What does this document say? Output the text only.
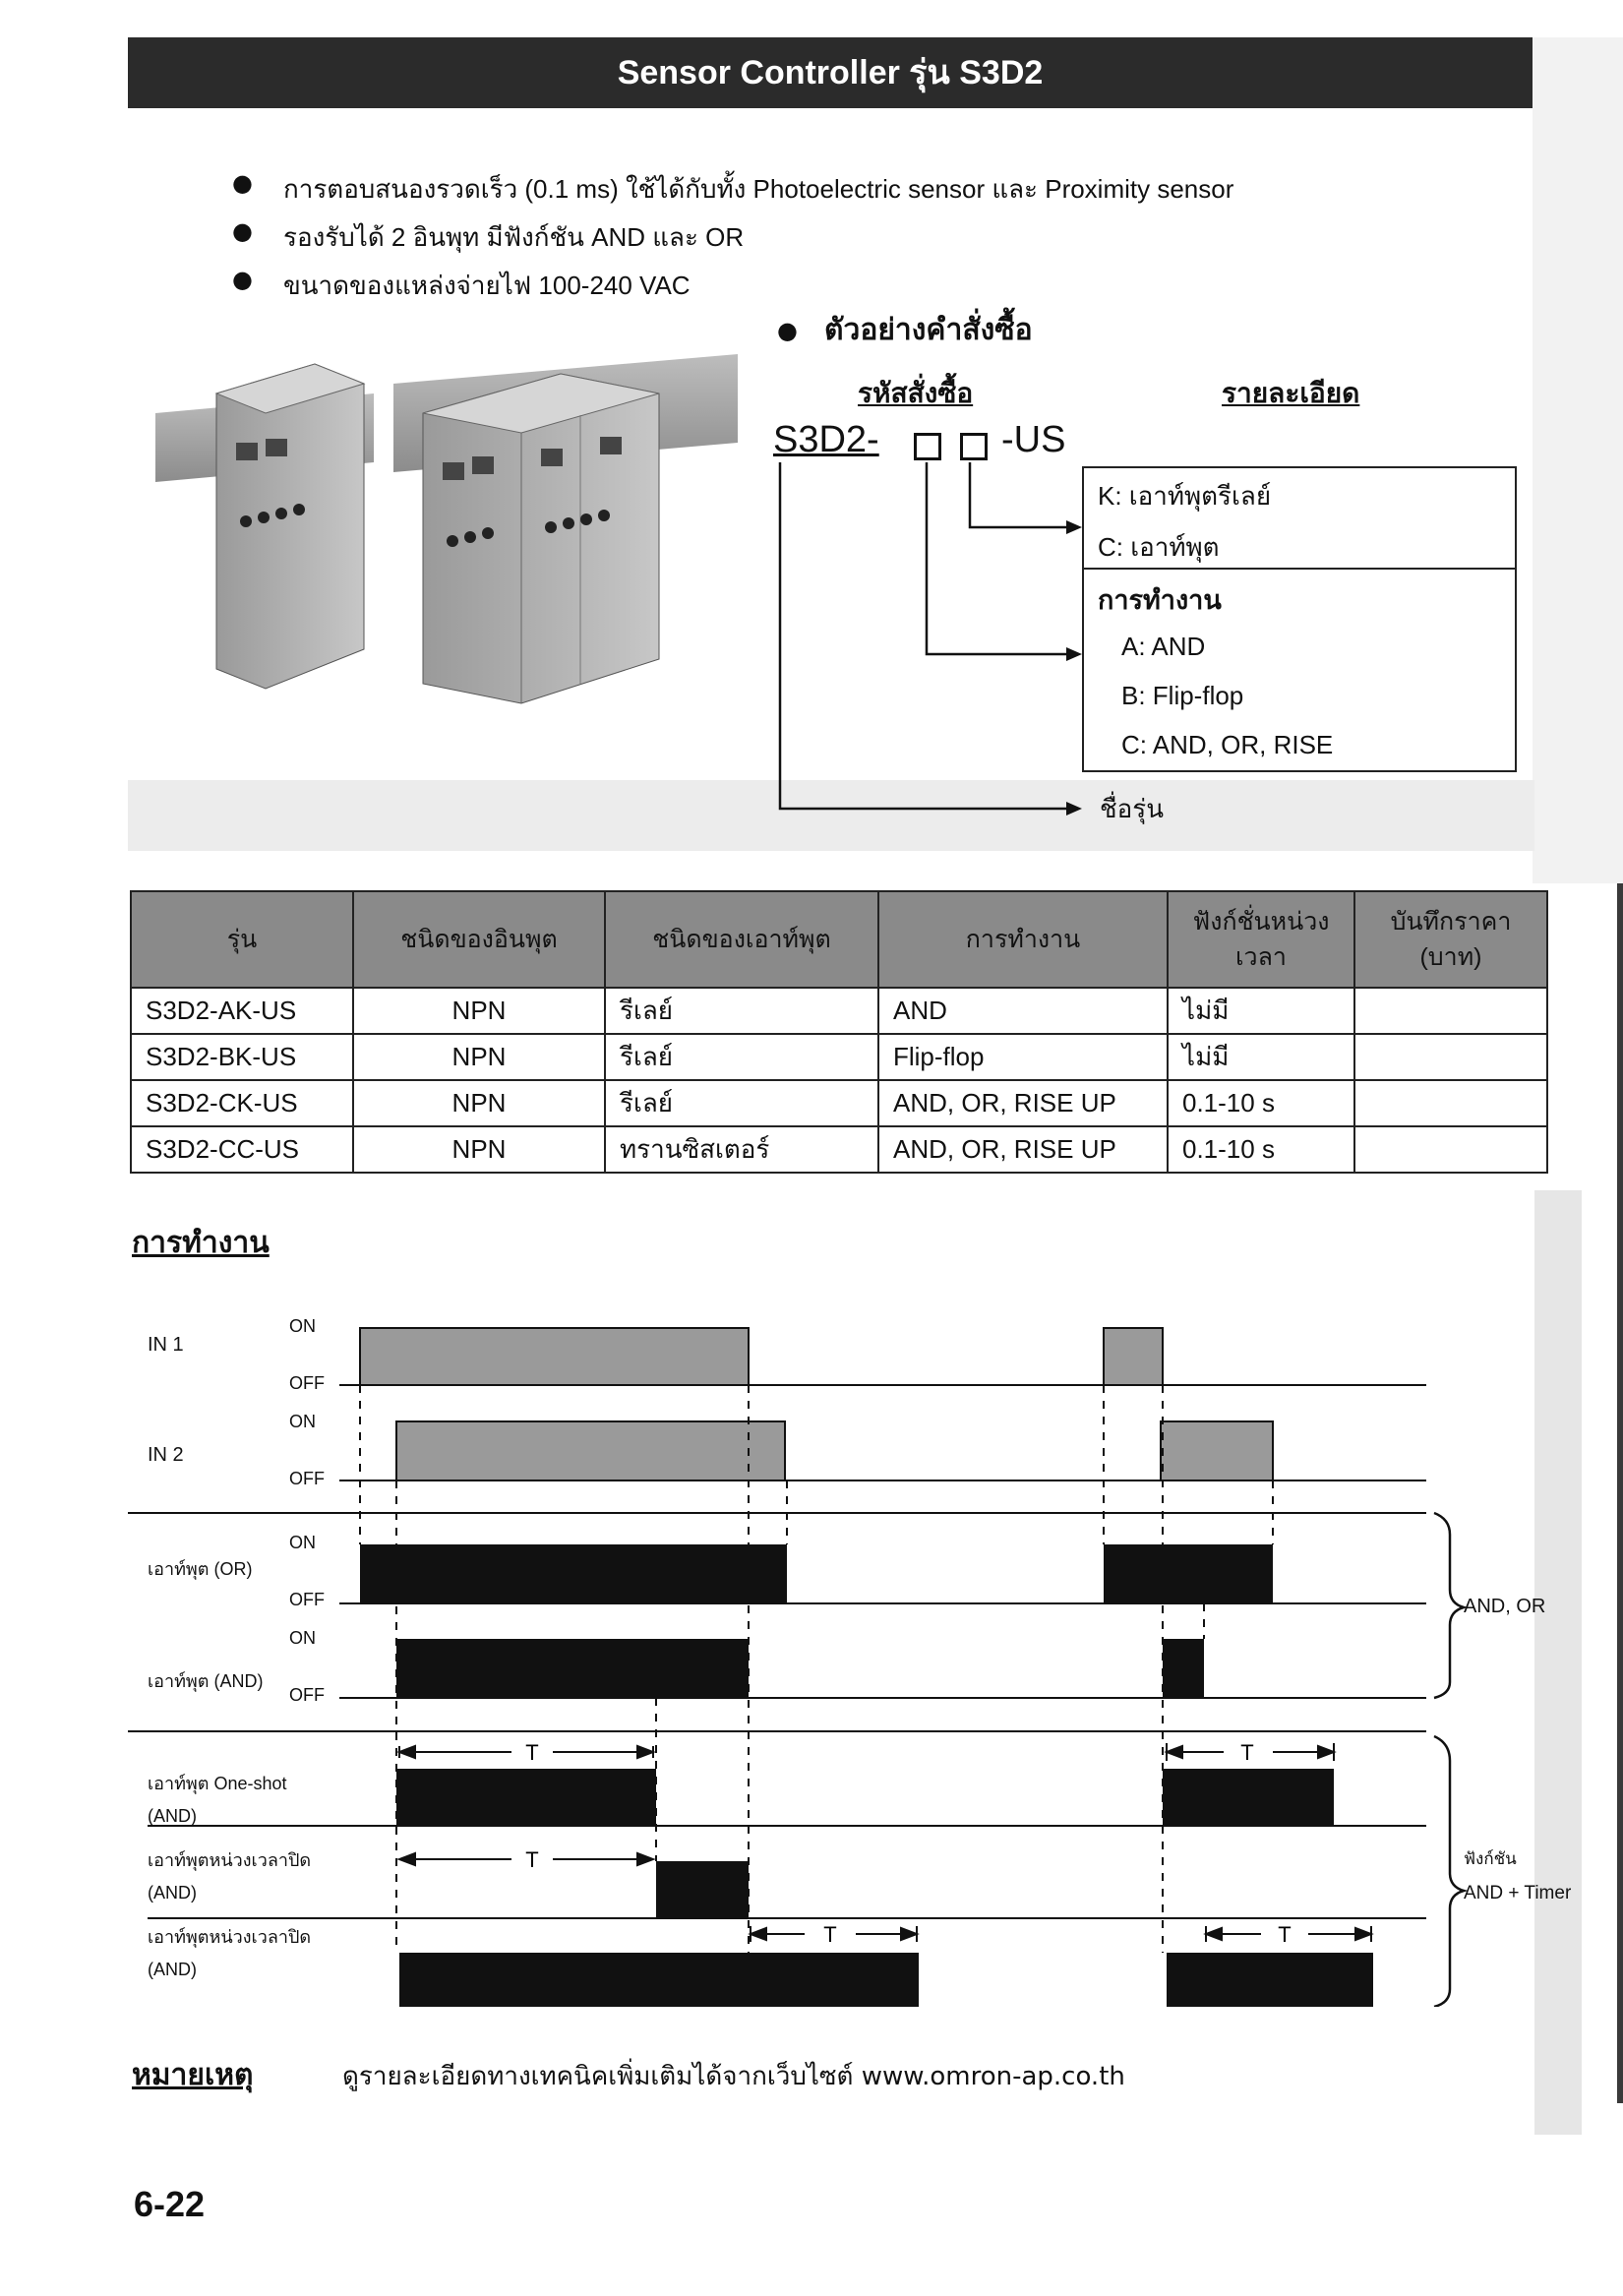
Sensor Controller รุ่น S3D2
● การตอบสนองรวดเร็ว (0.1 ms) ใช้ได้กับทั้ง Photoelectric sensor และ Proximity sensor
● รองรับได้ 2 อินพุท มีฟังก์ชัน AND และ OR
● ขนาดของแหล่งจ่ายไฟ 100-240 VAC
● ตัวอย่างคำสั่งซื้อ
รหัสสั่งซื้อ	รายละเอียด
S3D2-	-US
K: เอาท์พุตรีเลย์
C: เอาท์พุต
การทำงาน
A: AND
B: Flip-flop
C: AND, OR, RISE
ชื่อรุ่น
รุ่น	ชนิดของอินพุต	ชนิดของเอาท์พุต	การทำงาน	ฟังก์ชั่นหน่วง เวลา	บันทึกราคา (บาท)
S3D2-AK-US	NPN	รีเลย์	AND	ไม่มี	
S3D2-BK-US	NPN	รีเลย์	Flip-flop	ไม่มี	
S3D2-CK-US	NPN	รีเลย์	AND, OR, RISE UP	0.1-10 s	
S3D2-CC-US	NPN	ทรานซิสเตอร์	AND, OR, RISE UP	0.1-10 s	
การทำงาน
T	T
T
T	T
IN 1
IN 2
เอาท์พุต (OR)
เอาท์พุต (AND)
เอาท์พุต One-shot
(AND)
เอาท์พุตหน่วงเวลาปิด
(AND)
เอาท์พุตหน่วงเวลาปิด
(AND)
ON
OFF
ON
OFF
ON
OFF
ON
OFF
AND, OR
ฟังก์ชัน
AND + Timer
หมายเหตุ	ดูรายละเอียดทางเทคนิคเพิ่มเติมได้จากเว็บไซต์ www.omron-ap.co.th
6-22
